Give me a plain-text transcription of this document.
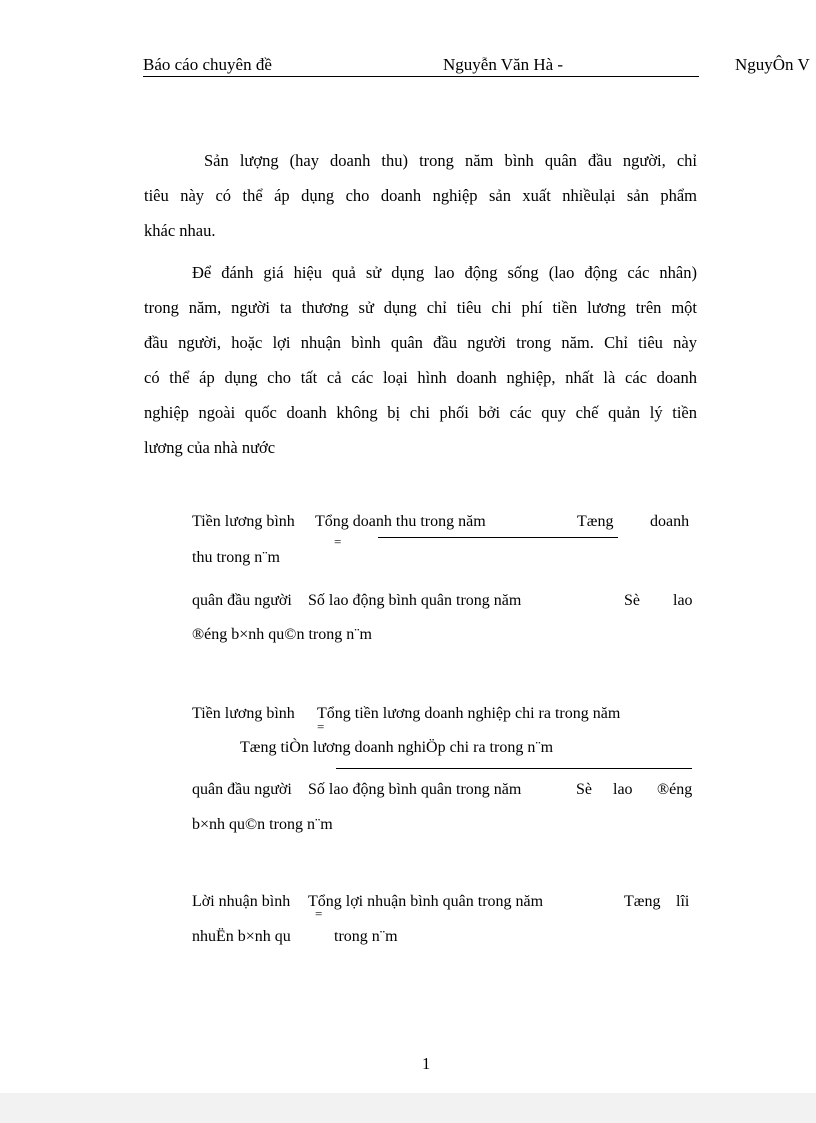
Báo cáo chuyên đề	Nguyễn Văn Hà -	NguyÔn V
Sản lượng (hay doanh thu) trong năm bình quân đầu người, chỉ
tiêu này có thể áp dụng cho doanh nghiệp sản xuất nhiềulại sản phẩm
khác nhau.
Để đánh giá hiệu quả sử dụng lao động sống (lao động các nhân)
trong năm, người ta thương sử dụng chỉ tiêu chi phí tiền lương trên một
đầu người, hoặc lợi nhuận bình quân đầu người trong năm. Chỉ tiêu này
có thể áp dụng cho tất cả các loại hình doanh nghiệp, nhất là các doanh
nghiệp ngoài quốc doanh không bị chi phối bởi các quy chế quản lý tiền
lương của nhà nước
Tiền lương bình Tổng doanh thu trong năm	Tæng doanh
=
thu trong n¨m
quân đầu người Số lao động bình quân trong năm	Sè lao
®éng b×nh qu©n trong n¨m
Tiền lương bình Tổng tiền lương doanh nghiệp chi ra trong năm
=
Tæng tiÒn lương doanh nghiÖp chi ra trong n¨m
quân đầu người Số lao động bình quân trong năm	Sè lao ®éng
b×nh qu©n trong n¨m
Lời nhuận bình Tổng lợi nhuận bình quân trong năm	Tæng lîi
=
nhuËn b×nh qu	trong n¨m
1
